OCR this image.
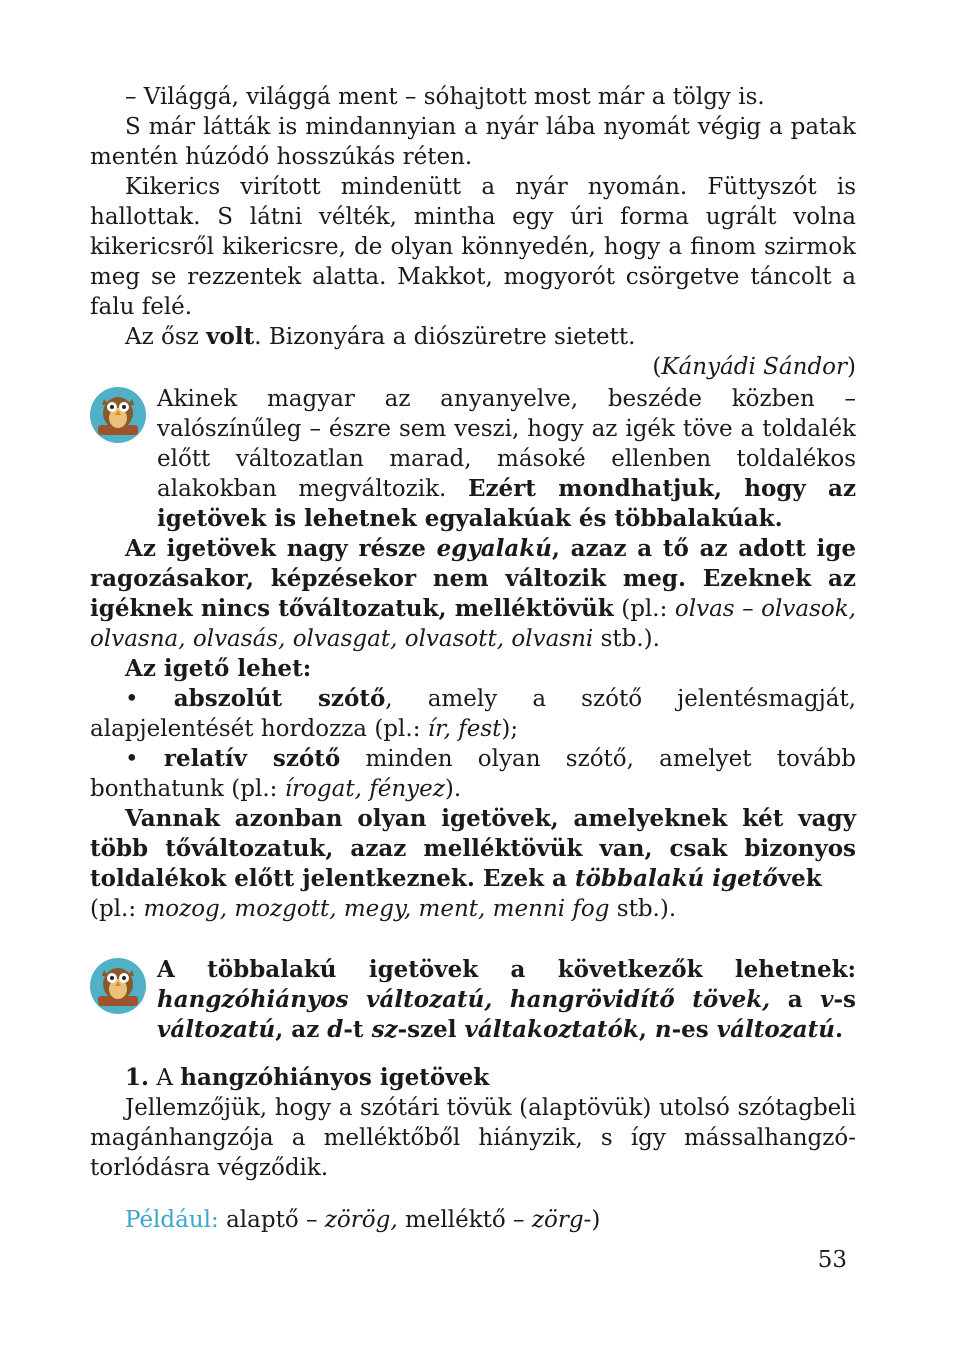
– Világgá, világgá ment – sóhajtott most már a tölgy is.

S már látták is mindannyian a nyár lába nyomát végig a patak mentén húzódó hosszúkás réten.

Kikerics virított mindenütt a nyár nyomán. Füttyszót is hallottak. S látni vélték, mintha egy úri forma ugrált volna kikericsről kikericsre, de olyan könnyedén, hogy a finom szirmok meg se rezzentek alatta. Makkot, mogyorót csörgetve táncolt a falu felé.

Az ősz volt. Bizonyára a diószüretre sietett.

(Kányádi Sándor)

Akinek magyar az anyanyelve, beszéde közben – valószínűleg – észre sem veszi, hogy az igék töve a toldalék előtt változatlan marad, másoké ellenben toldalékos alakokban megváltozik. Ezért mondhatjuk, hogy az igetövek is lehetnek egyalakúak és többalakúak.

Az igetövek nagy része egyalakú, azaz a tő az adott ige ragozásakor, képzésekor nem változik meg. Ezeknek az igéknek nincs tőváltozatuk, melléktövük (pl.: olvas – olvasok, olvasna, olvasás, olvasgat, olvasott, olvasni stb.).

Az igető lehet:

• abszolút szótő, amely a szótő jelentésmagját, alapjelentését hordozza (pl.: ír, fest);

• relatív szótő minden olyan szótő, amelyet tovább bonthatunk (pl.: írogat, fényez).

Vannak azonban olyan igetövek, amelyeknek két vagy több tőváltozatuk, azaz melléktövük van, csak bizonyos toldalékok előtt jelentkeznek. Ezek a többalakú igetővek
(pl.: mozog, mozgott, megy, ment, menni fog stb.).

A többalakú igetövek a következők lehetnek: hangzóhiányos változatú, hangrövidítő tövek, a v-s változatú, az d-t sz-szel váltakoztatók, n-es változatú.

1. A hangzóhiányos igetövek

Jellemzőjük, hogy a szótári tövük (alaptövük) utolsó szótagbeli magánhangzója a melléktőből hiányzik, s így mássalhangzó-torlódásra végződik.

Például: alaptő – zörög, melléktő – zörg-)

53
